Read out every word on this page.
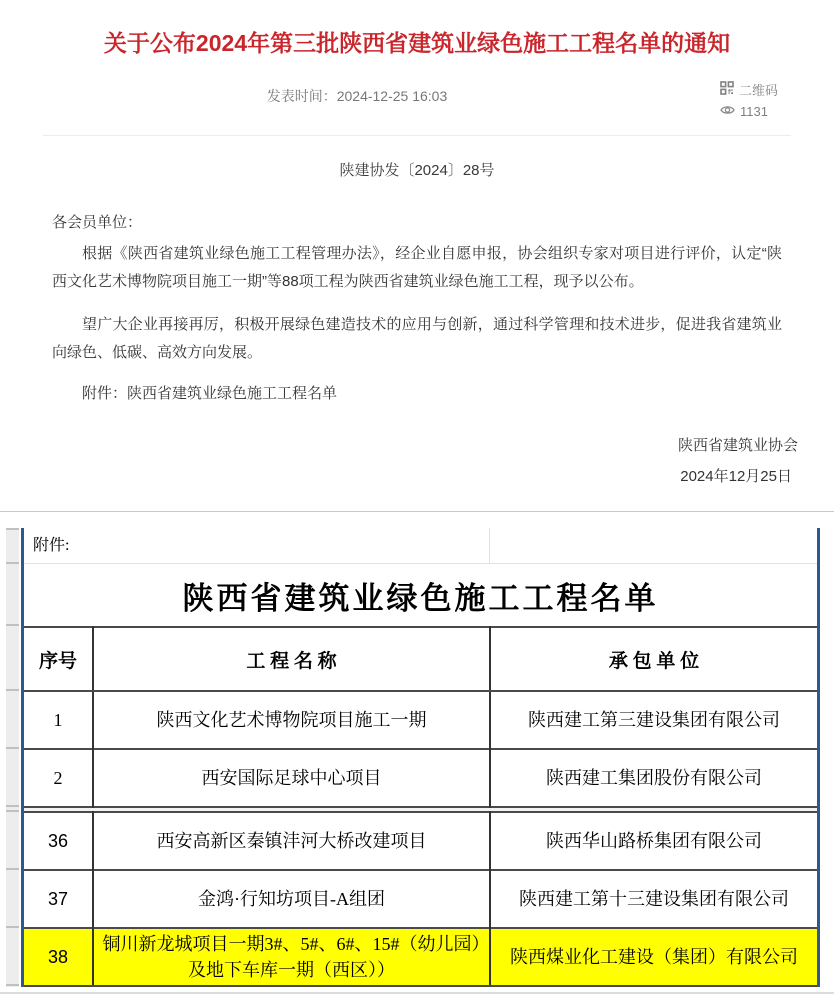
关于公布2024年第三批陕西省建筑业绿色施工工程名单的通知
发表时间：2024-12-25 16:03	二维码
1131
陕建协发〔2024〕28号
各会员单位：

根据《陕西省建筑业绿色施工工程管理办法》，经企业自愿申报，协会组织专家对项目进行评价，认定“陕西文化艺术博物院项目施工一期”等88项工程为陕西省建筑业绿色施工工程，现予以公布。

望广大企业再接再厉，积极开展绿色建造技术的应用与创新，通过科学管理和技术进步，促进我省建筑业向绿色、低碳、高效方向发展。

附件：陕西省建筑业绿色施工工程名单
陕西省建筑业协会
2024年12月25日
附件:
陕西省建筑业绿色施工工程名单
序号	工 程 名 称	承 包 单 位
1	陕西文化艺术博物院项目施工一期	陕西建工第三建设集团有限公司
2	西安国际足球中心项目	陕西建工集团股份有限公司

36	西安高新区秦镇沣河大桥改建项目	陕西华山路桥集团有限公司
37	金鸿·行知坊项目-A组团	陕西建工第十三建设集团有限公司
38	铜川新龙城项目一期3#、5#、6#、15#（幼儿园）及地下车库一期（西区））	陕西煤业化工建设（集团）有限公司
